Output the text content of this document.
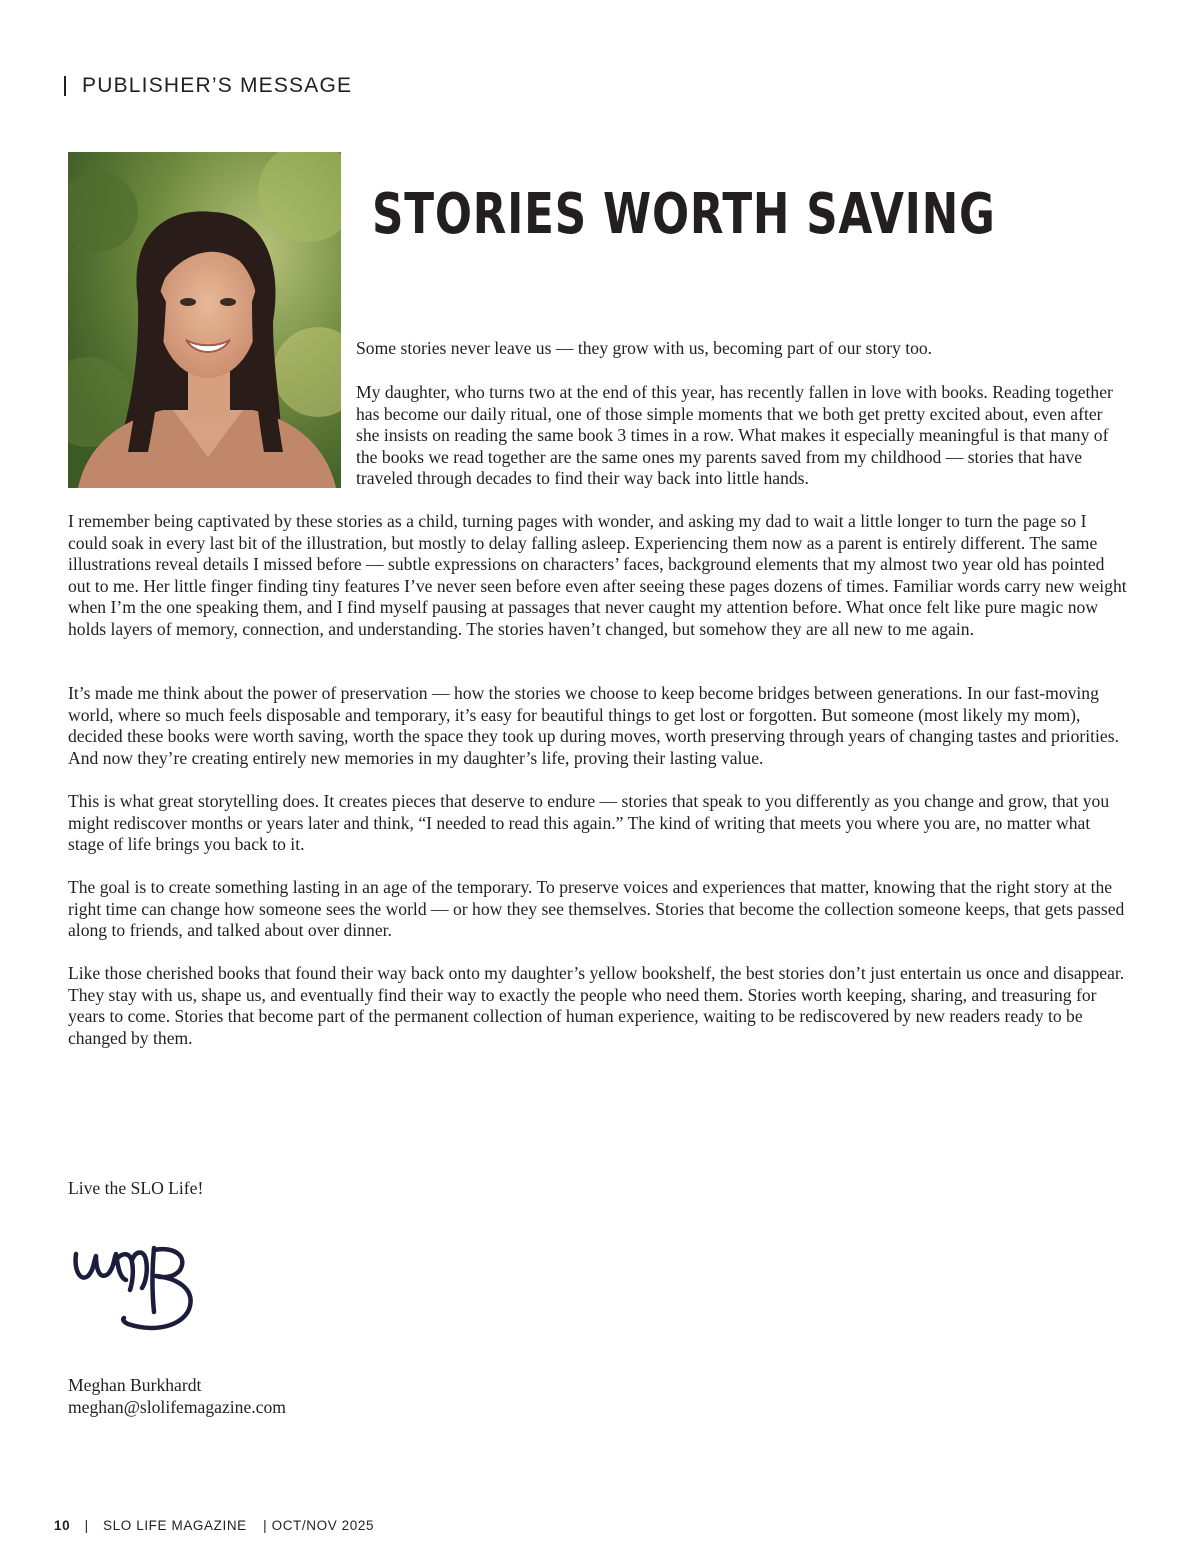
PUBLISHER’S MESSAGE
STORIES WORTH SAVING

Some stories never leave us — they grow with us, becoming part of our story too.

My daughter, who turns two at the end of this year, has recently fallen in love with books. Reading together has become our daily ritual, one of those simple moments that we both get pretty excited about, even after she insists on reading the same book 3 times in a row. What makes it especially meaningful is that many of the books we read together are the same ones my parents saved from my childhood — stories that have traveled through decades to find their way back into little hands.

I remember being captivated by these stories as a child, turning pages with wonder, and asking my dad to wait a little longer to turn the page so I could soak in every last bit of the illustration, but mostly to delay falling asleep. Experiencing them now as a parent is entirely different. The same illustrations reveal details I missed before — subtle expressions on characters’ faces, background elements that my almost two year old has pointed out to me. Her little finger finding tiny features I’ve never seen before even after seeing these pages dozens of times. Familiar words carry new weight when I’m the one speaking them, and I find myself pausing at passages that never caught my attention before. What once felt like pure magic now holds layers of memory, connection, and understanding. The stories haven’t changed, but somehow they are all new to me again.

It’s made me think about the power of preservation — how the stories we choose to keep become bridges between generations. In our fast-moving world, where so much feels disposable and temporary, it’s easy for beautiful things to get lost or forgotten. But someone (most likely my mom), decided these books were worth saving, worth the space they took up during moves, worth preserving through years of changing tastes and priorities. And now they’re creating entirely new memories in my daughter’s life, proving their lasting value.

This is what great storytelling does. It creates pieces that deserve to endure — stories that speak to you differently as you change and grow, that you might rediscover months or years later and think, “I needed to read this again.” The kind of writing that meets you where you are, no matter what stage of life brings you back to it.

The goal is to create something lasting in an age of the temporary. To preserve voices and experiences that matter, knowing that the right story at the right time can change how someone sees the world — or how they see themselves. Stories that become the collection someone keeps, that gets passed along to friends, and talked about over dinner.

Like those cherished books that found their way back onto my daughter’s yellow bookshelf, the best stories don’t just entertain us once and disappear. They stay with us, shape us, and eventually find their way to exactly the people who need them. Stories worth keeping, sharing, and treasuring for years to come. Stories that become part of the permanent collection of human experience, waiting to be rediscovered by new readers ready to be changed by them.

Live the SLO Life!

Meghan Burkhardt

meghan@slolifemagazine.com

10 | SLO LIFE MAGAZINE | OCT/NOV 2025
